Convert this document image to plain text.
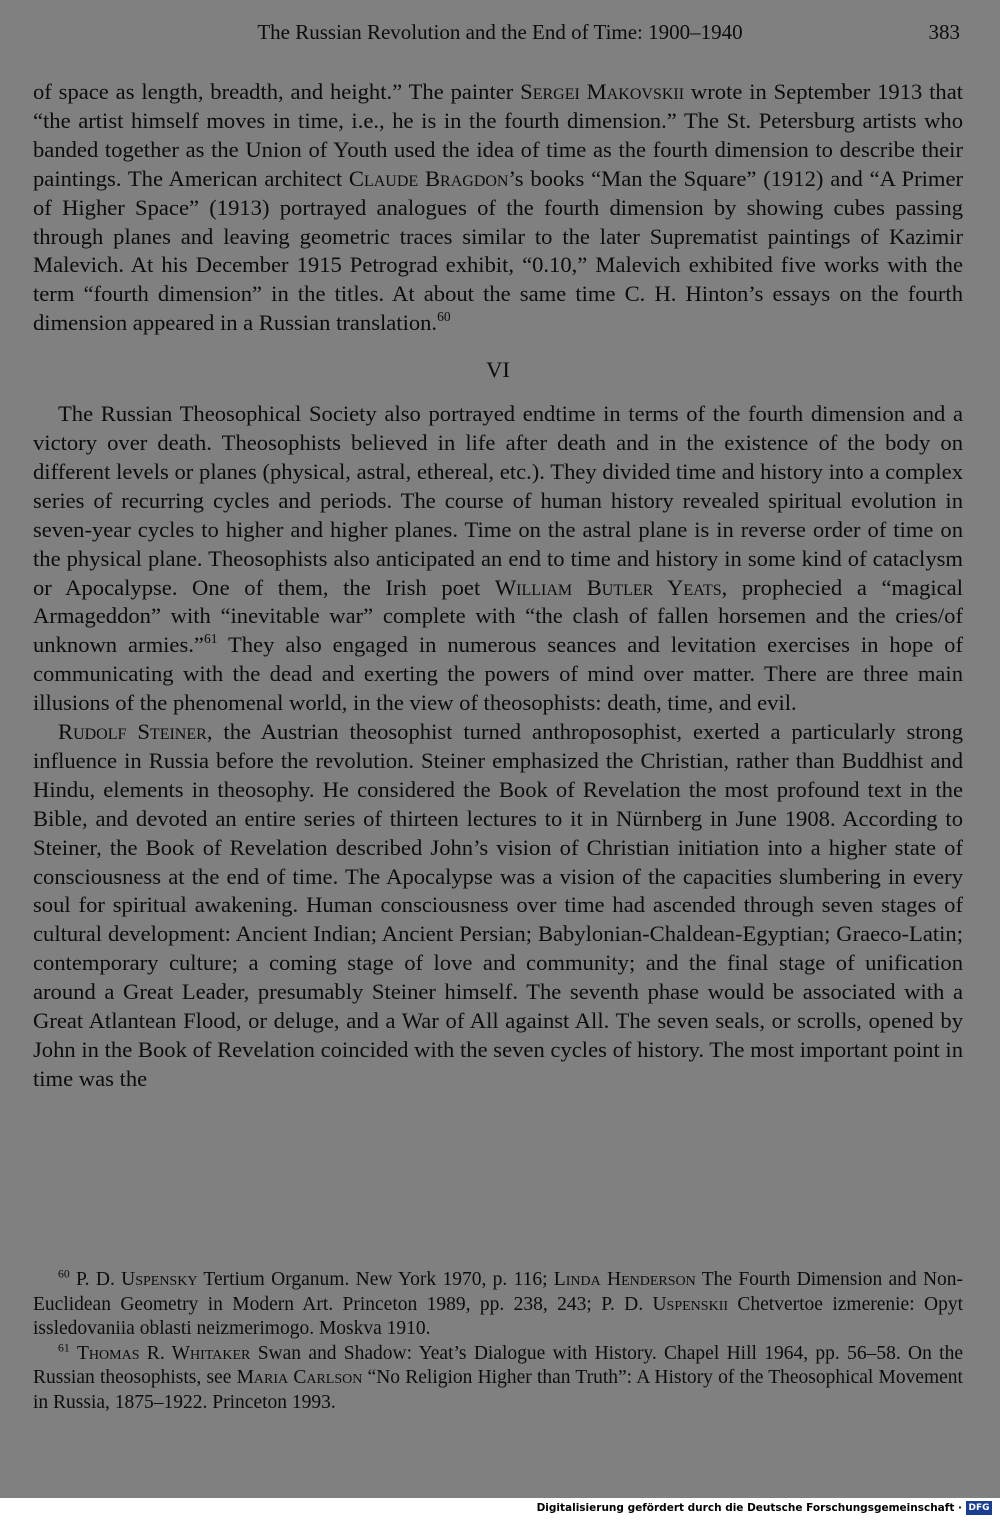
The Russian Revolution and the End of Time: 1900–1940	383

of space as length, breadth, and height.” The painter Sergei Makovskii wrote in September 1913 that “the artist himself moves in time, i.e., he is in the fourth dimension.” The St. Petersburg artists who banded together as the Union of Youth used the idea of time as the fourth dimension to describe their paintings. The American architect Claude Bragdon’s books “Man the Square” (1912) and “A Primer of Higher Space” (1913) portrayed analogues of the fourth dimension by showing cubes passing through planes and leaving geometric traces similar to the later Suprematist paintings of Kazimir Malevich. At his December 1915 Petrograd exhibit, “0.10,” Malevich exhibited five works with the term “fourth dimension” in the titles. At about the same time C. H. Hinton’s essays on the fourth dimension appeared in a Russian translation.$^{60}$

VI

The Russian Theosophical Society also portrayed endtime in terms of the fourth dimension and a victory over death. Theosophists believed in life after death and in the existence of the body on different levels or planes (physical, astral, ethereal, etc.). They divided time and history into a complex series of recurring cycles and periods. The course of human history revealed spiritual evolution in seven-year cycles to higher and higher planes. Time on the astral plane is in reverse order of time on the physical plane. Theosophists also anticipated an end to time and history in some kind of cataclysm or Apocalypse. One of them, the Irish poet William Butler Yeats, prophecied a “magical Armageddon” with “inevitable war” complete with “the clash of fallen horsemen and the cries/of unknown armies.”$^{61}$ They also engaged in numerous seances and levitation exercises in hope of communicating with the dead and exerting the powers of mind over matter. There are three main illusions of the phenomenal world, in the view of theosophists: death, time, and evil.

Rudolf Steiner, the Austrian theosophist turned anthroposophist, exerted a particularly strong influence in Russia before the revolution. Steiner emphasized the Christian, rather than Buddhist and Hindu, elements in theosophy. He considered the Book of Revelation the most profound text in the Bible, and devoted an entire series of thirteen lectures to it in Nürnberg in June 1908. According to Steiner, the Book of Revelation described John’s vision of Christian initiation into a higher state of consciousness at the end of time. The Apocalypse was a vision of the capacities slumbering in every soul for spiritual awakening. Human consciousness over time had ascended through seven stages of cultural development: Ancient Indian; Ancient Persian; Babylonian-Chaldean-Egyptian; Graeco-Latin; contemporary culture; a coming stage of love and community; and the final stage of unification around a Great Leader, presumably Steiner himself. The seventh phase would be associated with a Great Atlantean Flood, or deluge, and a War of All against All. The seven seals, or scrolls, opened by John in the Book of Revelation coincided with the seven cycles of history. The most important point in time was the

$^{60}$ P. D. Uspensky Tertium Organum. New York 1970, p. 116; Linda Henderson The Fourth Dimension and Non-Euclidean Geometry in Modern Art. Princeton 1989, pp. 238, 243; P. D. Uspenskii Chetvertoe izmerenie: Opyt issledovaniia oblasti neizmerimogo. Moskva 1910.

$^{61}$ Thomas R. Whitaker Swan and Shadow: Yeat’s Dialogue with History. Chapel Hill 1964, pp. 56–58. On the Russian theosophists, see Maria Carlson “No Religion Higher than Truth”: A History of the Theosophical Movement in Russia, 1875–1922. Princeton 1993.

Digitalisierung gefördert durch die Deutsche Forschungsgemeinschaft · DFG
